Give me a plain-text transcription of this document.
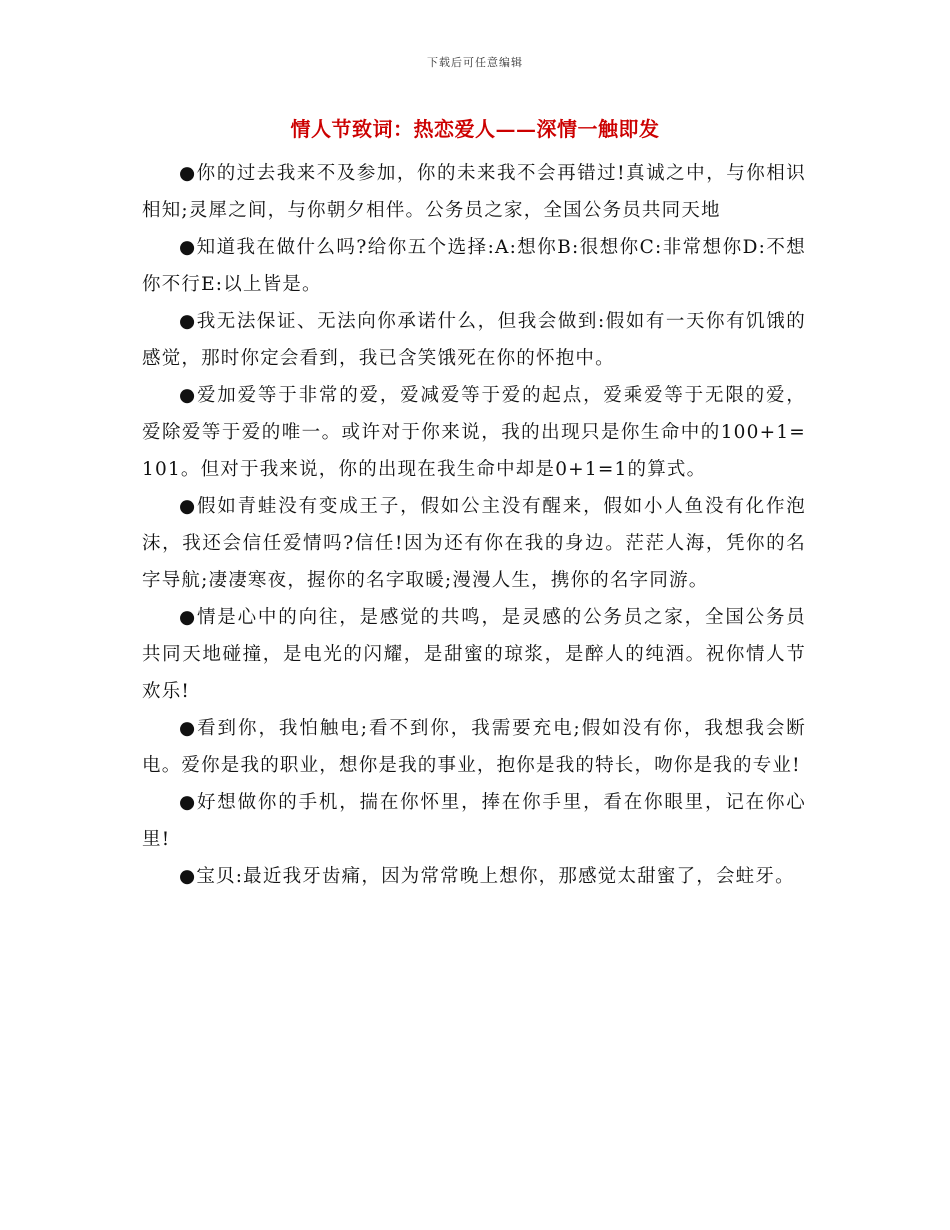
下载后可任意编辑
情人节致词：热恋爱人——深情一触即发

●你的过去我来不及参加，你的未来我不会再错过!真诚之中，与你相识相知;灵犀之间，与你朝夕相伴。公务员之家，全国公务员共同天地

●知道我在做什么吗?给你五个选择:A:想你B:很想你C:非常想你D:不想你不行E:以上皆是。

●我无法保证、无法向你承诺什么，但我会做到:假如有一天你有饥饿的感觉，那时你定会看到，我已含笑饿死在你的怀抱中。

●爱加爱等于非常的爱，爱减爱等于爱的起点，爱乘爱等于无限的爱，爱除爱等于爱的唯一。或许对于你来说，我的出现只是你生命中的100+1=101。但对于我来说，你的出现在我生命中却是0+1=1的算式。

●假如青蛙没有变成王子，假如公主没有醒来，假如小人鱼没有化作泡沫，我还会信任爱情吗?信任!因为还有你在我的身边。茫茫人海，凭你的名字导航;凄凄寒夜，握你的名字取暖;漫漫人生，携你的名字同游。

●情是心中的向往，是感觉的共鸣，是灵感的公务员之家，全国公务员共同天地碰撞，是电光的闪耀，是甜蜜的琼浆，是醉人的纯酒。祝你情人节欢乐!

●看到你，我怕触电;看不到你，我需要充电;假如没有你，我想我会断电。爱你是我的职业，想你是我的事业，抱你是我的特长，吻你是我的专业!

●好想做你的手机，揣在你怀里，捧在你手里，看在你眼里，记在你心里!

●宝贝:最近我牙齿痛，因为常常晚上想你，那感觉太甜蜜了，会蛀牙。
